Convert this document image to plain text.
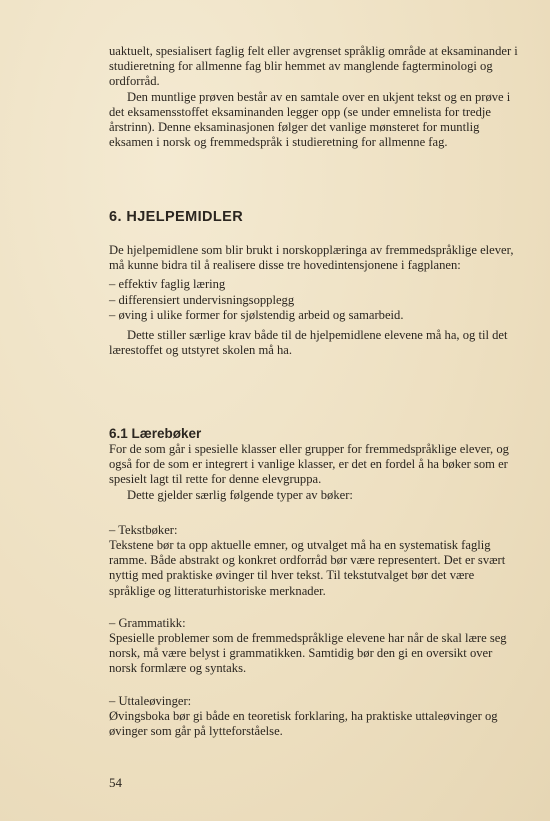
uaktuelt, spesialisert faglig felt eller avgrenset språklig område at eksaminander i studieretning for allmenne fag blir hemmet av manglende fagterminologi og ordforråd.

Den muntlige prøven består av en samtale over en ukjent tekst og en prøve i det eksamensstoffet eksaminanden legger opp (se under emnelista for tredje årstrinn). Denne eksaminasjonen følger det vanlige mønsteret for muntlig eksamen i norsk og fremmedspråk i studieretning for allmenne fag.

6. HJELPEMIDLER

De hjelpemidlene som blir brukt i norskopplæringa av fremmedspråklige elever, må kunne bidra til å realisere disse tre hovedintensjonene i fagplanen:

– effektiv faglig læring
– differensiert undervisningsopplegg
– øving i ulike former for sjølstendig arbeid og samarbeid.

Dette stiller særlige krav både til de hjelpemidlene elevene må ha, og til det lærestoffet og utstyret skolen må ha.

6.1 Lærebøker

For de som går i spesielle klasser eller grupper for fremmedspråklige elever, og også for de som er integrert i vanlige klasser, er det en fordel å ha bøker som er spesielt lagt til rette for denne elevgruppa.

Dette gjelder særlig følgende typer av bøker:

– Tekstbøker:

Tekstene bør ta opp aktuelle emner, og utvalget må ha en systematisk faglig ramme. Både abstrakt og konkret ordforråd bør være representert. Det er svært nyttig med praktiske øvinger til hver tekst. Til tekstutvalget bør det være språklige og litteraturhistoriske merknader.

– Grammatikk:

Spesielle problemer som de fremmedspråklige elevene har når de skal lære seg norsk, må være belyst i grammatikken. Samtidig bør den gi en oversikt over norsk formlære og syntaks.

– Uttaleøvinger:

Øvingsboka bør gi både en teoretisk forklaring, ha praktiske uttaleøvinger og øvinger som går på lytteforståelse.

54
